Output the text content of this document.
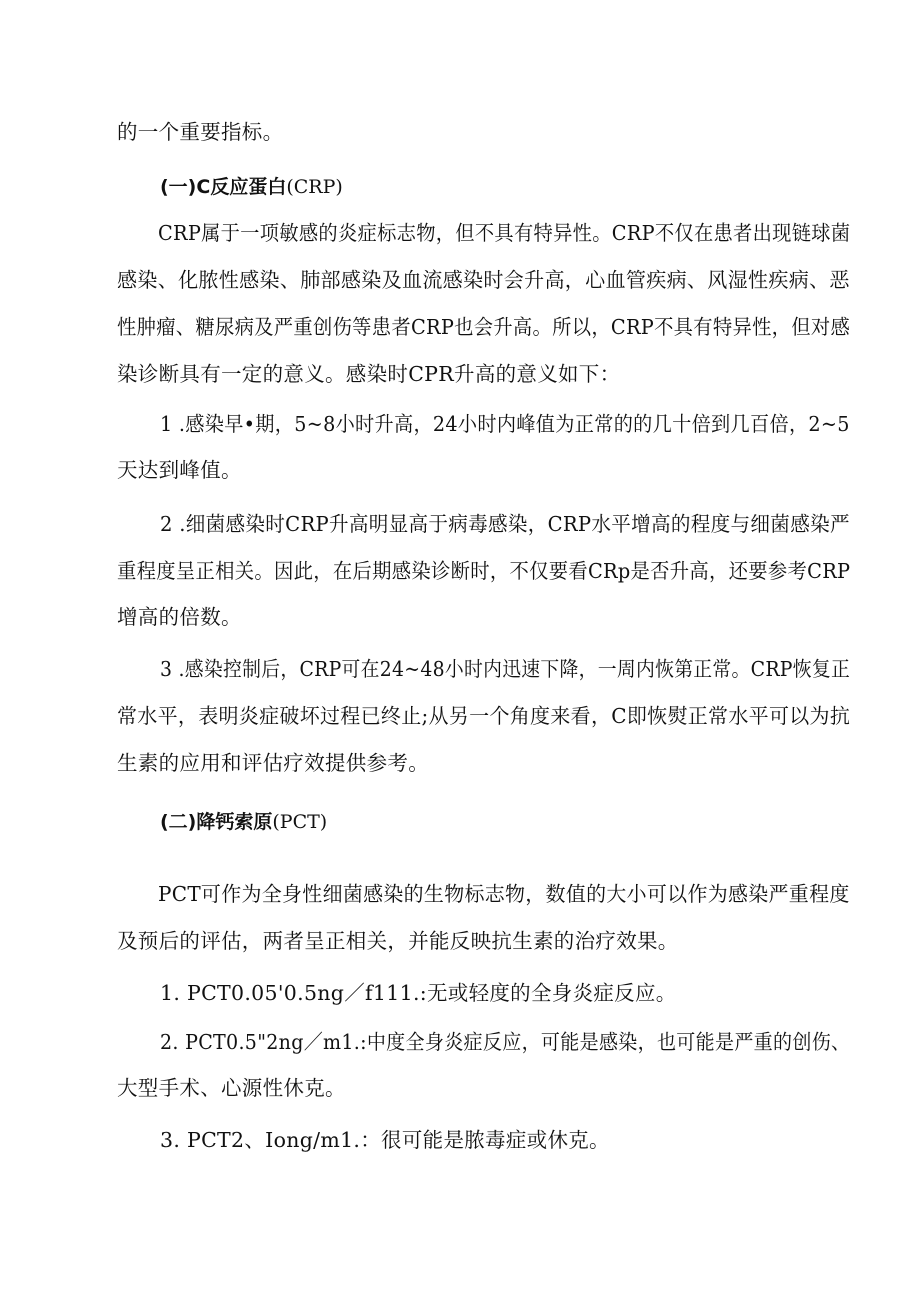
的一个重要指标。
(一)C反应蛋白(CRP)
CRP属于一项敏感的炎症标志物，但不具有特异性。CRP不仅在患者出现链球菌
感染、化脓性感染、肺部感染及血流感染时会升高，心血管疾病、风湿性疾病、恶
性肿瘤、糖尿病及严重创伤等患者CRP也会升高。所以，CRP不具有特异性，但对感
染诊断具有一定的意义。感染时CPR升高的意义如下：
1 .感染早•期，5~8小时升高，24小时内峰值为正常的的几十倍到几百倍，2~5
天达到峰值。
2 .细菌感染时CRP升高明显高于病毒感染，CRP水平增高的程度与细菌感染严
重程度呈正相关。因此，在后期感染诊断时，不仅要看CRp是否升高，还要参考CRP
增高的倍数。
3 .感染控制后，CRP可在24~48小时内迅速下降，一周内恢第正常。CRP恢复正
常水平，表明炎症破坏过程已终止;从另一个角度来看，C即恢熨正常水平可以为抗
生素的应用和评估疗效提供参考。
(二)降钙索原(PCT)
PCT可作为全身性细菌感染的生物标志物，数值的大小可以作为感染严重程度
及预后的评估，两者呈正相关，并能反映抗生素的治疗效果。
1. PCT0.05'0.5ng／f111.:无或轻度的全身炎症反应。
2. PCT0.5"2ng／m1.:中度全身炎症反应，可能是感染，也可能是严重的创伤、
大型手术、心源性休克。
3. PCT2、Iong/m1.：很可能是脓毒症或休克。
